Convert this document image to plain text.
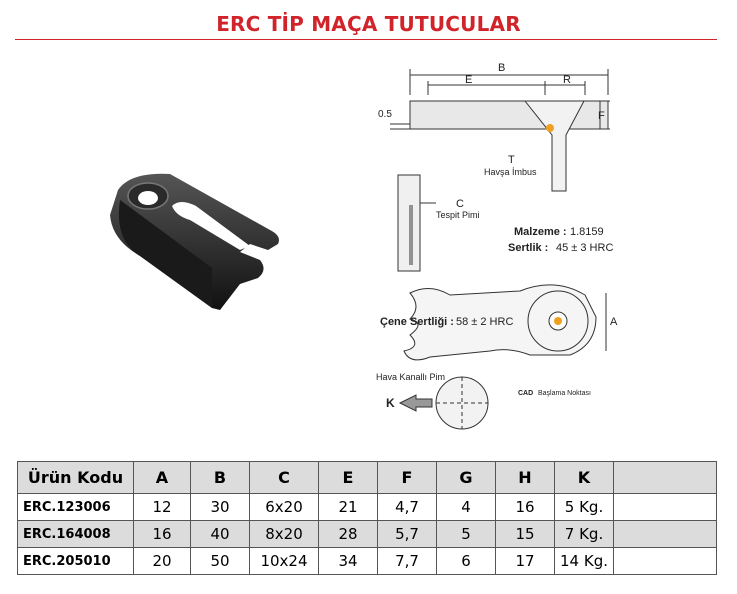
ERC TİP MAÇA TUTUCULAR
B
E	R
F
0.5
T
Havşa İmbus
C
Tespit Pimi
Malzeme : 1.8159
Sertlik : 45 ± 3 HRC
Çene Sertliği : 58 ± 2 HRC	A
CAD Başlama Noktası
Hava Kanallı Pim
K
Ürün Kodu	A	B	C	E	F	G	H	K	
ERC.123006	12	30	6x20	21	4,7	4	16	5 Kg.	
ERC.164008	16	40	8x20	28	5,7	5	15	7 Kg.	
ERC.205010	20	50	10x24	34	7,7	6	17	14 Kg.	
